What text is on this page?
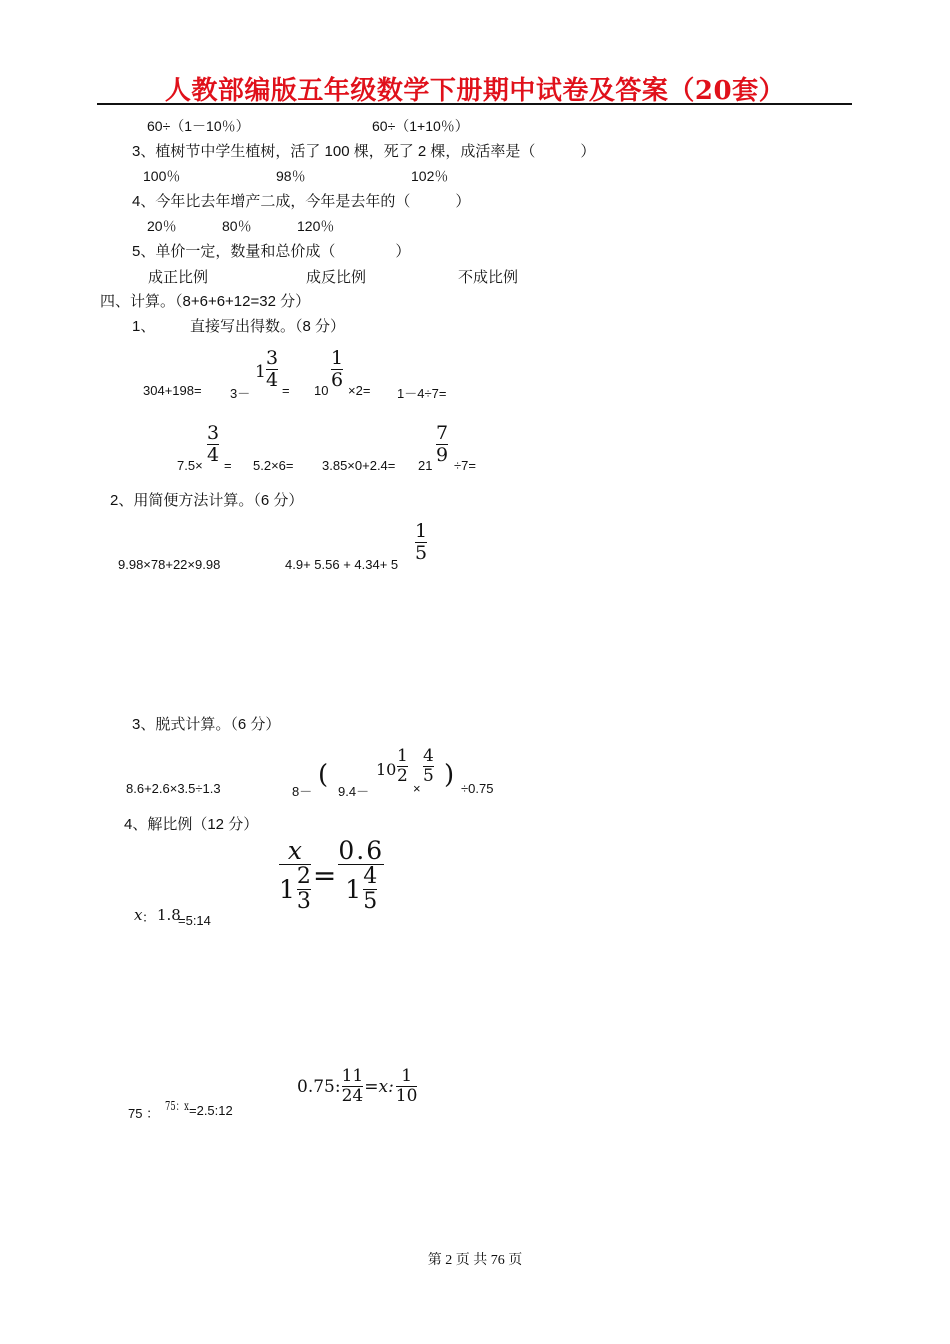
人教部编版五年级数学下册期中试卷及答案（20套）
60÷（1－10％）	60÷（1+10％）
3、植树节中学生植树，活了 100 棵，死了 2 棵，成活率是（　　　）
100％	98％	102％
4、今年比去年增产二成，今年是去年的（　　　）
20％	80％	120％
5、单价一定，数量和总价成（　　　　）
成正比例	成反比例	不成比例
四、计算。（8+6+6+12=32 分）
1、 直接写出得数。（8 分）
304+198= 3－
1
3
4 = 10
1
6 ×2= 1－4÷7=
7.5×
3
4 = 5.2×6= 3.85×0+2.4= 21
7
9 ÷7=
2、用简便方法计算。（6 分）
9.98×78+22×9.98	4.9+ 5.56 + 4.34+ 5
1
5
3、脱式计算。（6 分）
8.6+2.6×3.5÷1.3	8－
(
9.4－
10
1
2
×
4
5 ) ÷0.75
4、解比例（12 分）
x ： 1.8
=5:14
$\frac{x}{1 \frac{2}{3}} = \frac{0.6}{1 \frac{4}{5}}$
75 ： 75：x =2.5:12
0.75: $\frac{11}{24} =x$: $\frac{1}{10}$
第 2 页 共 76 页
